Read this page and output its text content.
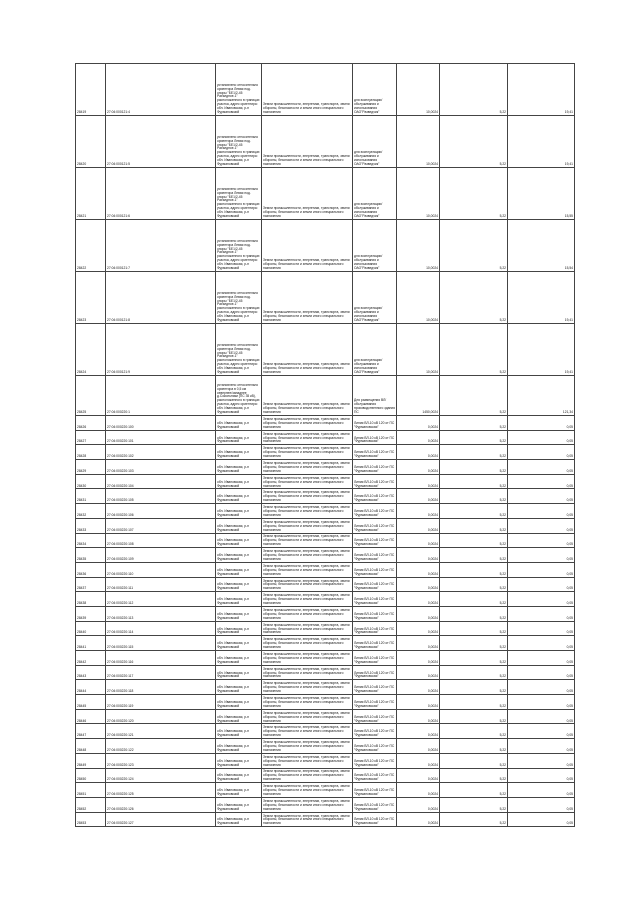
28419	27:04:000121:4	установлено относительно ориентира Левая под. опоры "БЕ1/2-45 Разъедное-1" расположенного в границах участка, адрес ориентира: обл. Ивановская, р-н Фурмановский	Земли промышленности, энергетики, транспорта, земли обороны, безопасности и земли иного специального назначения	для эксплуатации/обслуживания и использования ОАО"Разведчик"	10,0024	5,22	19,41
28420	27:04:000121:5	установлено относительно ориентира Левая под. опоры "БЕ1/2-45 Разъедное-1" расположенного в границах участка, адрес ориентира: обл. Ивановская, р-н Фурмановский	Земли промышленности, энергетики, транспорта, земли обороны, безопасности и земли иного специального назначения	для эксплуатации/обслуживания и использования ОАО"Разведчик"	10,0024	5,22	19,41
28421	27:04:000121:6	установлено относительно ориентира Левая под. опоры "БЕ1/2-45 Разъедное-1" расположенного в границах участка, адрес ориентира: обл. Ивановская, р-н Фурмановский	Земли промышленности, энергетики, транспорта, земли обороны, безопасности и земли иного специального назначения	для эксплуатации/обслуживания и использования ОАО"Разведчик"	10,0024	5,22	15,55
28422	27:04:000121:7	установлено относительно ориентира Левая под. опоры "БЕ1/2-45 Разъедное-1" расположенного в границах участка, адрес ориентира: обл. Ивановская, р-н Фурмановский	Земли промышленности, энергетики, транспорта, земли обороны, безопасности и земли иного специального назначения	для эксплуатации/обслуживания и использования ОАО"Разведчик"	10,0024	5,22	15,54
28423	27:04:000121:8	установлено относительно ориентира Левая под. опоры "БЕ1/2-45 Разъедное-1" расположенного в границах участка, адрес ориентира: обл. Ивановская, р-н Фурмановский	Земли промышленности, энергетики, транспорта, земли обороны, безопасности и земли иного специального назначения	для эксплуатации/обслуживания и использования ОАО"Разведчик"	10,0024	5,22	19,41
28424	27:04:000121:9	установлено относительно ориентира Левая под. опоры "БЕ1/2-45 Разъедное-1" расположенного в границах участка, адрес ориентира: обл. Ивановская, р-н Фурмановский	Земли промышленности, энергетики, транспорта, земли обороны, безопасности и земли иного специального назначения	для эксплуатации/обслуживания и использования ОАО"Разведчик"	10,0024	5,22	19,41
28425	27:04:000220:1	установлено относительно ориентира в 0,5 км севернее/западнее д.Сокольники (ПС 35 кВ), расположенного в границах участка, адрес ориентира: обл. Ивановская, р-н Фурмановский	Земли промышленности, энергетики, транспорта, земли обороны, безопасности и земли иного специального назначения	Для размещения ВЛ/обслуживания производственного здания ПС	1450,0024	5,22	121,34
28426	27:04:000220:100	обл. Ивановская, р-н Фурмановский	Земли промышленности, энергетики, транспорта, земли обороны, безопасности и земли иного специального назначения	Линия ВЛ-10 кВ 120 от ПС "Фурмановская"	0,0024	5,22	0,05
28427	27:04:000220:101	обл. Ивановская, р-н Фурмановский	Земли промышленности, энергетики, транспорта, земли обороны, безопасности и земли иного специального назначения	Линия ВЛ-10 кВ 120 от ПС "Фурмановская"	0,0024	5,22	0,05
28428	27:04:000220:102	обл. Ивановская, р-н Фурмановский	Земли промышленности, энергетики, транспорта, земли обороны, безопасности и земли иного специального назначения	Линия ВЛ-10 кВ 120 от ПС "Фурмановская"	0,0024	5,22	0,05
28429	27:04:000220:103	обл. Ивановская, р-н Фурмановский	Земли промышленности, энергетики, транспорта, земли обороны, безопасности и земли иного специального назначения	Линия ВЛ-10 кВ 120 от ПС "Фурмановская"	0,0024	5,22	0,05
28430	27:04:000220:104	обл. Ивановская, р-н Фурмановский	Земли промышленности, энергетики, транспорта, земли обороны, безопасности и земли иного специального назначения	Линия ВЛ-10 кВ 120 от ПС "Фурмановская"	0,0024	5,22	0,05
28431	27:04:000220:105	обл. Ивановская, р-н Фурмановский	Земли промышленности, энергетики, транспорта, земли обороны, безопасности и земли иного специального назначения	Линия ВЛ-10 кВ 120 от ПС "Фурмановская"	0,0024	5,22	0,05
28432	27:04:000220:106	обл. Ивановская, р-н Фурмановский	Земли промышленности, энергетики, транспорта, земли обороны, безопасности и земли иного специального назначения	Линия ВЛ-10 кВ 120 от ПС "Фурмановская"	0,0024	5,22	0,05
28433	27:04:000220:107	обл. Ивановская, р-н Фурмановский	Земли промышленности, энергетики, транспорта, земли обороны, безопасности и земли иного специального назначения	Линия ВЛ-10 кВ 120 от ПС "Фурмановская"	0,0024	5,22	0,05
28434	27:04:000220:108	обл. Ивановская, р-н Фурмановский	Земли промышленности, энергетики, транспорта, земли обороны, безопасности и земли иного специального назначения	Линия ВЛ-10 кВ 120 от ПС "Фурмановская"	0,0024	5,22	0,05
28435	27:04:000220:109	обл. Ивановская, р-н Фурмановский	Земли промышленности, энергетики, транспорта, земли обороны, безопасности и земли иного специального назначения	Линия ВЛ-10 кВ 120 от ПС "Фурмановская"	0,0024	5,22	0,05
28436	27:04:000220:110	обл. Ивановская, р-н Фурмановский	Земли промышленности, энергетики, транспорта, земли обороны, безопасности и земли иного специального назначения	Линия ВЛ-10 кВ 120 от ПС "Фурмановская"	0,0024	5,22	0,05
28437	27:04:000220:111	обл. Ивановская, р-н Фурмановский	Земли промышленности, энергетики, транспорта, земли обороны, безопасности и земли иного специального назначения	Линия ВЛ-10 кВ 120 от ПС "Фурмановская"	0,0024	5,22	0,05
28438	27:04:000220:112	обл. Ивановская, р-н Фурмановский	Земли промышленности, энергетики, транспорта, земли обороны, безопасности и земли иного специального назначения	Линия ВЛ-10 кВ 120 от ПС "Фурмановская"	0,0024	5,22	0,05
28439	27:04:000220:113	обл. Ивановская, р-н Фурмановский	Земли промышленности, энергетики, транспорта, земли обороны, безопасности и земли иного специального назначения	Линия ВЛ-10 кВ 120 от ПС "Фурмановская"	0,0024	5,22	0,05
28440	27:04:000220:114	обл. Ивановская, р-н Фурмановский	Земли промышленности, энергетики, транспорта, земли обороны, безопасности и земли иного специального назначения	Линия ВЛ-10 кВ 120 от ПС "Фурмановская"	0,0024	5,22	0,05
28441	27:04:000220:115	обл. Ивановская, р-н Фурмановский	Земли промышленности, энергетики, транспорта, земли обороны, безопасности и земли иного специального назначения	Линия ВЛ-10 кВ 120 от ПС "Фурмановская"	0,0024	5,22	0,05
28442	27:04:000220:116	обл. Ивановская, р-н Фурмановский	Земли промышленности, энергетики, транспорта, земли обороны, безопасности и земли иного специального назначения	Линия ВЛ-10 кВ 120 от ПС "Фурмановская"	0,0024	5,22	0,05
28443	27:04:000220:117	обл. Ивановская, р-н Фурмановский	Земли промышленности, энергетики, транспорта, земли обороны, безопасности и земли иного специального назначения	Линия ВЛ-10 кВ 120 от ПС "Фурмановская"	0,0024	5,22	0,05
28444	27:04:000220:118	обл. Ивановская, р-н Фурмановский	Земли промышленности, энергетики, транспорта, земли обороны, безопасности и земли иного специального назначения	Линия ВЛ-10 кВ 120 от ПС "Фурмановская"	0,0024	5,22	0,05
28445	27:04:000220:119	обл. Ивановская, р-н Фурмановский	Земли промышленности, энергетики, транспорта, земли обороны, безопасности и земли иного специального назначения	Линия ВЛ-10 кВ 120 от ПС "Фурмановская"	0,0024	5,22	0,05
28446	27:04:000220:120	обл. Ивановская, р-н Фурмановский	Земли промышленности, энергетики, транспорта, земли обороны, безопасности и земли иного специального назначения	Линия ВЛ-10 кВ 120 от ПС "Фурмановская"	0,0024	5,22	0,05
28447	27:04:000220:121	обл. Ивановская, р-н Фурмановский	Земли промышленности, энергетики, транспорта, земли обороны, безопасности и земли иного специального назначения	Линия ВЛ-10 кВ 120 от ПС "Фурмановская"	0,0024	5,22	0,05
28448	27:04:000220:122	обл. Ивановская, р-н Фурмановский	Земли промышленности, энергетики, транспорта, земли обороны, безопасности и земли иного специального назначения	Линия ВЛ-10 кВ 120 от ПС "Фурмановская"	0,0024	5,22	0,05
28449	27:04:000220:123	обл. Ивановская, р-н Фурмановский	Земли промышленности, энергетики, транспорта, земли обороны, безопасности и земли иного специального назначения	Линия ВЛ-10 кВ 120 от ПС "Фурмановская"	0,0024	5,22	0,05
28450	27:04:000220:124	обл. Ивановская, р-н Фурмановский	Земли промышленности, энергетики, транспорта, земли обороны, безопасности и земли иного специального назначения	Линия ВЛ-10 кВ 120 от ПС "Фурмановская"	0,0024	5,22	0,05
28451	27:04:000220:125	обл. Ивановская, р-н Фурмановский	Земли промышленности, энергетики, транспорта, земли обороны, безопасности и земли иного специального назначения	Линия ВЛ-10 кВ 120 от ПС "Фурмановская"	0,0024	5,22	0,05
28452	27:04:000220:126	обл. Ивановская, р-н Фурмановский	Земли промышленности, энергетики, транспорта, земли обороны, безопасности и земли иного специального назначения	Линия ВЛ-10 кВ 120 от ПС "Фурмановская"	0,0024	5,22	0,05
28453	27:04:000220:127	обл. Ивановская, р-н Фурмановский	Земли промышленности, энергетики, транспорта, земли обороны, безопасности и земли иного специального назначения	Линия ВЛ-10 кВ 120 от ПС "Фурмановская"	0,0024	5,22	0,05
